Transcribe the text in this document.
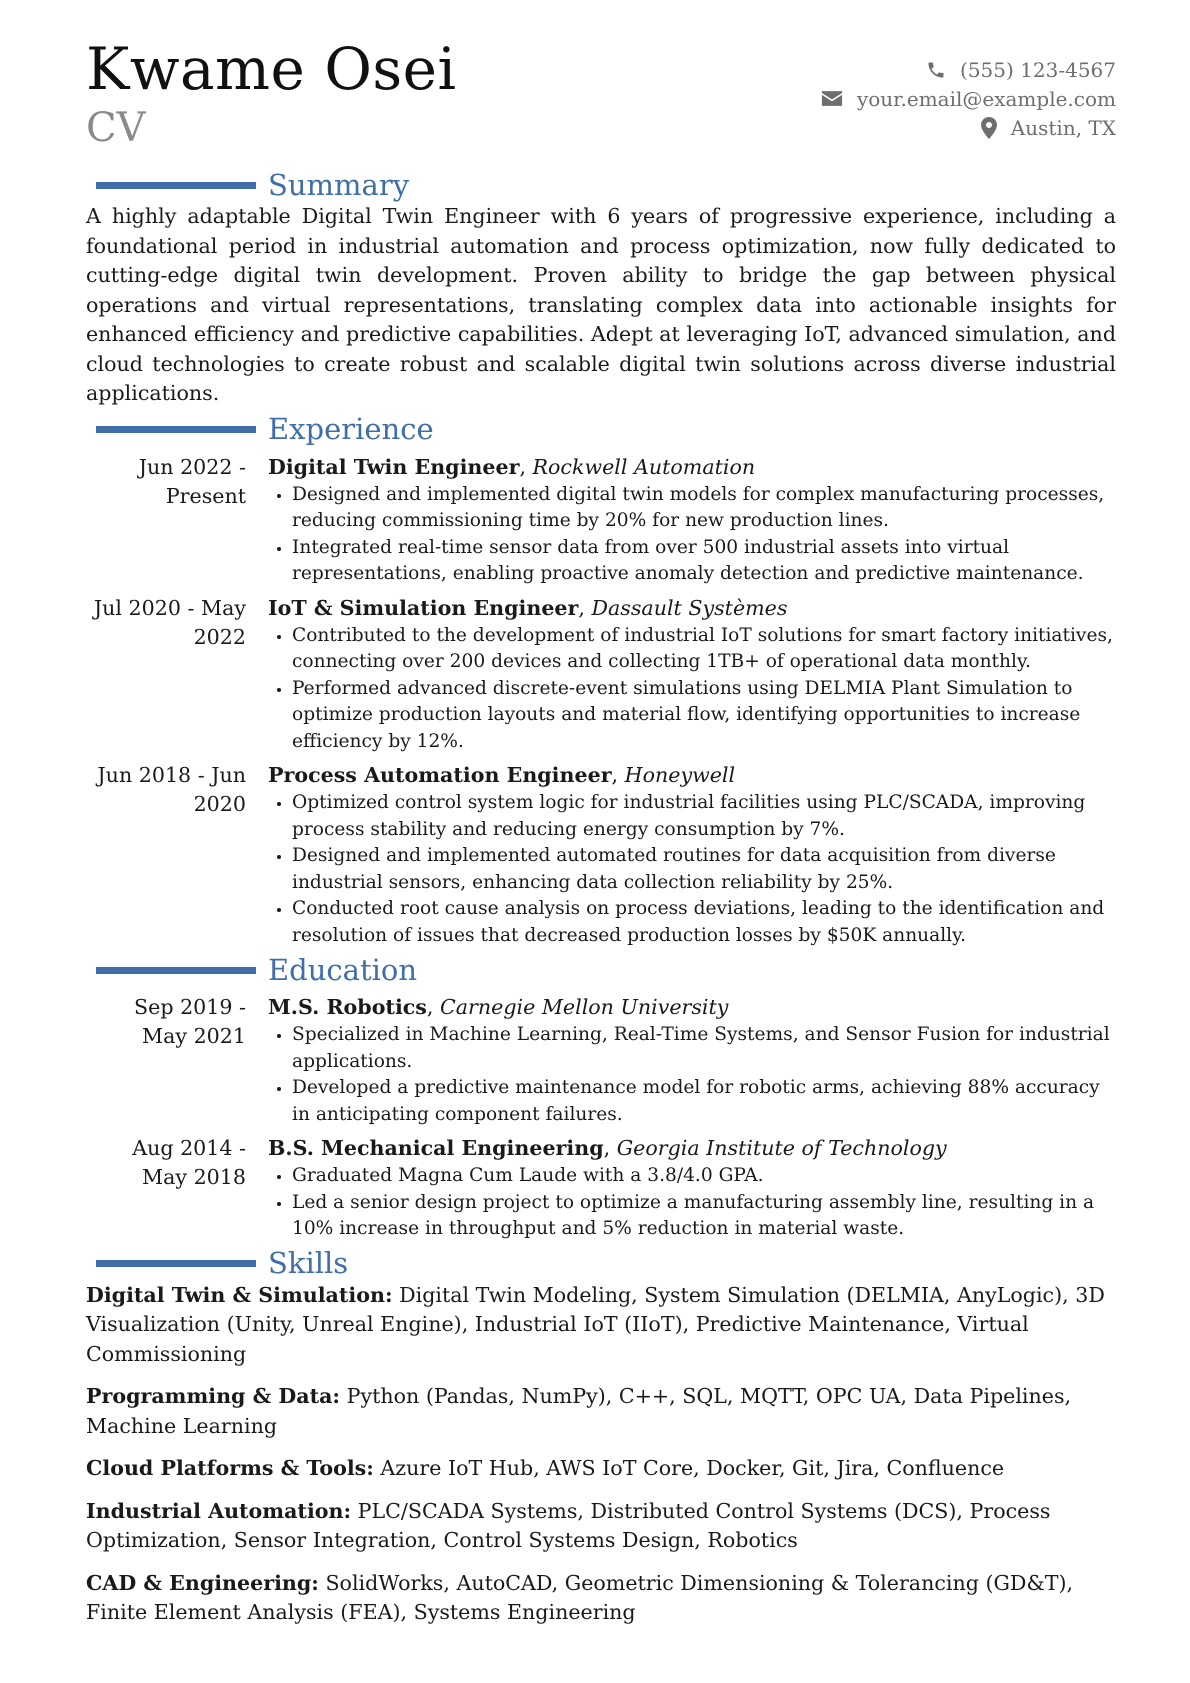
Kwame Osei
CV
(555) 123-4567
your.email@example.com
Austin, TX
Summary

A highly adaptable Digital Twin Engineer with 6 years of progressive experience, including a foundational period in industrial automation and process optimization, now fully dedicated to cutting-edge digital twin development. Proven ability to bridge the gap between physical operations and virtual representations, translating complex data into actionable insights for enhanced efficiency and predictive capabilities. Adept at leveraging IoT, advanced simulation, and cloud technologies to create robust and scalable digital twin solutions across diverse industrial applications.

Experience
Jun 2022 - Present
Digital Twin Engineer, Rockwell Automation
• Designed and implemented digital twin models for complex manufacturing processes, reducing commissioning time by 20% for new production lines.
• Integrated real-time sensor data from over 500 industrial assets into virtual representations, enabling proactive anomaly detection and predictive maintenance.
Jul 2020 - May 2022
IoT & Simulation Engineer, Dassault Systèmes
• Contributed to the development of industrial IoT solutions for smart factory initiatives, connecting over 200 devices and collecting 1TB+ of operational data monthly.
• Performed advanced discrete-event simulations using DELMIA Plant Simulation to optimize production layouts and material flow, identifying opportunities to increase efficiency by 12%.
Jun 2018 - Jun 2020
Process Automation Engineer, Honeywell
• Optimized control system logic for industrial facilities using PLC/SCADA, improving process stability and reducing energy consumption by 7%.
• Designed and implemented automated routines for data acquisition from diverse industrial sensors, enhancing data collection reliability by 25%.
• Conducted root cause analysis on process deviations, leading to the identification and resolution of issues that decreased production losses by $50K annually.
Education
Sep 2019 - May 2021
M.S. Robotics, Carnegie Mellon University
• Specialized in Machine Learning, Real-Time Systems, and Sensor Fusion for industrial applications.
• Developed a predictive maintenance model for robotic arms, achieving 88% accuracy in anticipating component failures.
Aug 2014 - May 2018
B.S. Mechanical Engineering, Georgia Institute of Technology
• Graduated Magna Cum Laude with a 3.8/4.0 GPA.
• Led a senior design project to optimize a manufacturing assembly line, resulting in a 10% increase in throughput and 5% reduction in material waste.
Skills

Digital Twin & Simulation: Digital Twin Modeling, System Simulation (DELMIA, AnyLogic), 3D Visualization (Unity, Unreal Engine), Industrial IoT (IIoT), Predictive Maintenance, Virtual Commissioning

Programming & Data: Python (Pandas, NumPy), C++, SQL, MQTT, OPC UA, Data Pipelines, Machine Learning

Cloud Platforms & Tools: Azure IoT Hub, AWS IoT Core, Docker, Git, Jira, Confluence

Industrial Automation: PLC/SCADA Systems, Distributed Control Systems (DCS), Process Optimization, Sensor Integration, Control Systems Design, Robotics

CAD & Engineering: SolidWorks, AutoCAD, Geometric Dimensioning & Tolerancing (GD&T), Finite Element Analysis (FEA), Systems Engineering
